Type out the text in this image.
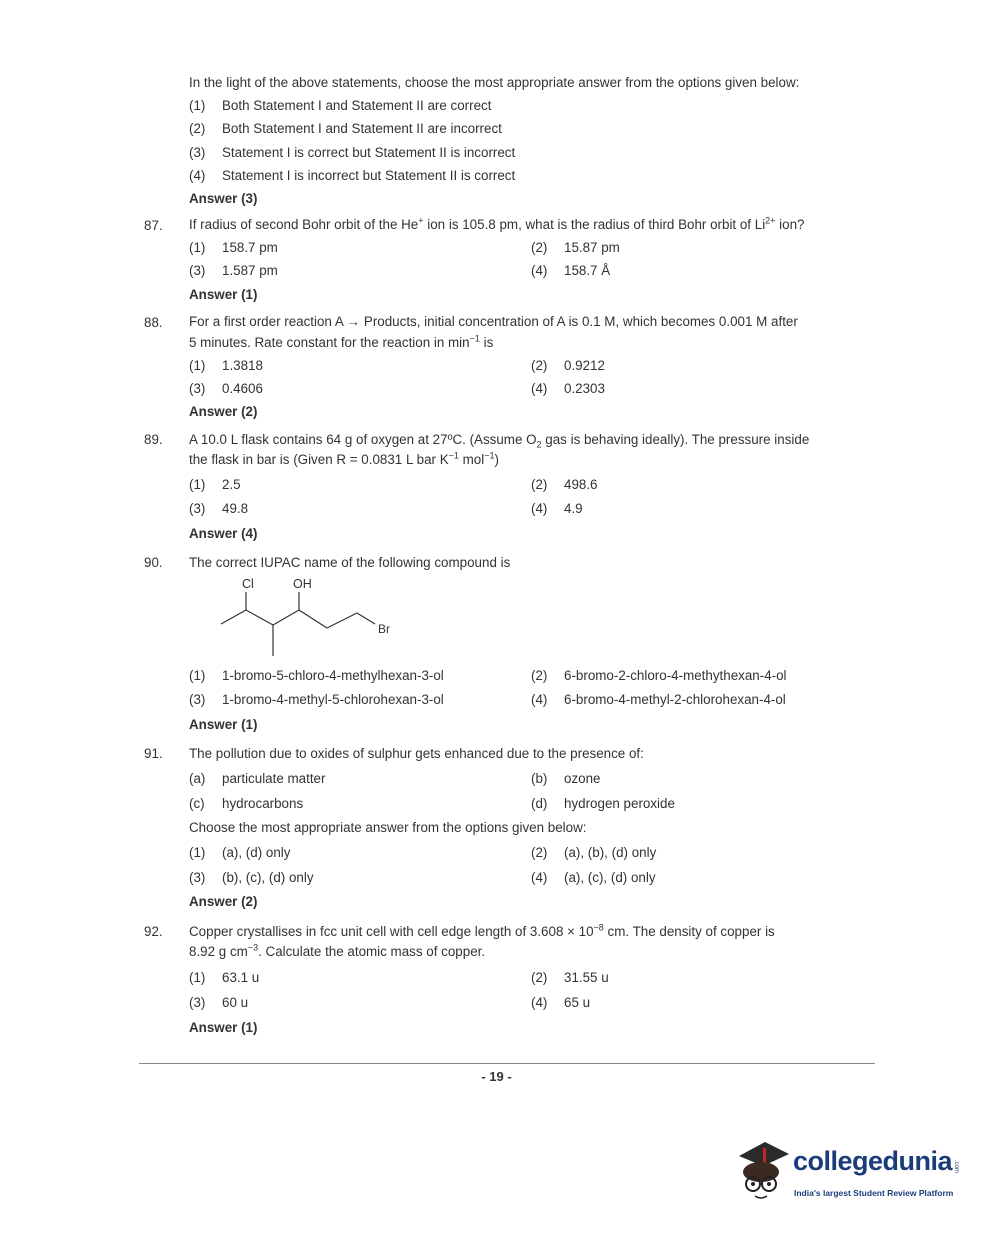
In the light of the above statements, choose the most appropriate answer from the options given below:
(1)	Both Statement I and Statement II are correct
(2)	Both Statement I and Statement II are incorrect
(3)	Statement I is correct but Statement II is incorrect
(4)	Statement I is incorrect but Statement II is correct
Answer (3)
87. If radius of second Bohr orbit of the He+ ion is 105.8 pm, what is the radius of third Bohr orbit of $Li^{2+}$ ion?
(1)	158.7 pm	(2)	15.87 pm
(3)	1.587 pm	(4)	158.7 Å
Answer (1)
88. For a first order reaction A → Products, initial concentration of A is 0.1 M, which becomes 0.001 M after
5 minutes. Rate constant for the reaction in $\min^{-1}$ is
(1)	1.3818	(2)	0.9212
(3)	0.4606	(4)	0.2303
Answer (2)
89. A 10.0 L flask contains 64 g of oxygen at 27ºC. (Assume $O_2$ gas is behaving ideally). The pressure inside
the flask in bar is (Given R = 0.0831 L bar $K^{-1}$ mol$^{-1}$)
(1)	2.5	(2)	498.6
(3)	49.8	(4)	4.9
Answer (4)
90. The correct IUPAC name of the following compound is
Cl	OH
Br
(1)	1-bromo-5-chloro-4-methylhexan-3-ol	(2)	6-bromo-2-chloro-4-methythexan-4-ol
(3)	1-bromo-4-methyl-5-chlorohexan-3-ol	(4)	6-bromo-4-methyl-2-chlorohexan-4-ol
Answer (1)
91. The pollution due to oxides of sulphur gets enhanced due to the presence of:
(a)	particulate matter	(b)	ozone
(c)	hydrocarbons	(d)	hydrogen peroxide
Choose the most appropriate answer from the options given below:
(1)	(a), (d) only	(2)	(a), (b), (d) only
(3)	(b), (c), (d) only	(4)	(a), (c), (d) only
Answer (2)
92. Copper crystallises in fcc unit cell with cell edge length of $3.608 \times 10^{-8}$ cm. The density of copper is
8.92 g $cm^{-3}$. Calculate the atomic mass of copper.
(1)	63.1 u	(2)	31.55 u
(3)	60 u	(4)	65 u
Answer (1)
- 19 -
collegedunia .com
India's largest Student Review Platform
